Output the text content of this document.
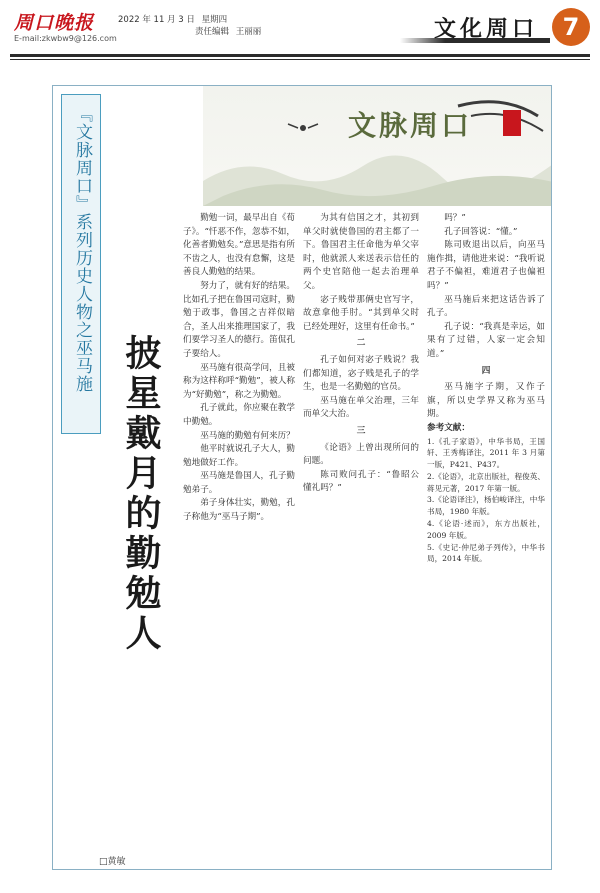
周口晚报
E-mail:zkwbw9@126.com
2022 年 11 月 3 日 星期四
责任编辑 王丽丽	文化周口	7
文脉周口
『文脉周口』系列历史人物之巫马施
披星戴月的勤勉人
□黄敏

勤勉一词，最早出自《荀子》。“忏恶不作，忽恭不如，化善者勤勉矣。”意思是指有所不齿之人，也没有怠懈，这是善良人勤勉的结果。

努力了，就有好的结果。比如孔子把在鲁国司寇时，勤勉于政事，鲁国之吉祥似暗合，圣人出来推理国家了，我们要学习圣人的德行。笛侃孔子要给人。

巫马施有很高学问，且被称为这样称呼“勤勉”，被人称为“好勤勉”，称之为勤勉。

孔子就此，你应聚在教学中勤勉。

巫马施的勤勉有何来历？

他平时就说孔子大人，勤勉地做好工作。

巫马施是鲁国人，孔子勤勉弟子。

弟子身体壮实，勤勉，孔子称他为“巫马子期”。

为其有信国之才，其初到单父时就使鲁国的君主都了一下。鲁国君主任命他为单父宰时，他就派人来送表示信任的两个史官陪他一起去治理单父。

宓子贱带那俩史官写字，故意拿他手肘。“其到单父时已经处理好，这里有任命书。”

二

孔子如何对宓子贱说？我们都知道，宓子贱是孔子的学生，也是一名勤勉的官员。

巫马施在单父治理，三年而单父大治。

三

《论语》上曾出现所问的问题。

陈司败问孔子：“鲁昭公懂礼吗？”

吗？”

孔子回答说：“懂。”

陈司败退出以后，向巫马施作揖，请他进来说：“我听说君子不偏袒，难道君子也偏袒吗？”

巫马施后来把这话告诉了孔子。

孔子说：“我真是幸运，如果有了过错，人家一定会知道。”

四

巫马施字子期，又作子旗，所以史学界又称为巫马期。

参考文献：

1.《孔子家语》，中华书局，王国轩、王秀梅译注，2011 年 3 月第一版，P421、P437。

2.《论语》，北京出版社，程俊英、蒋见元著，2017 年第一版。

3.《论语译注》，杨伯峻译注，中华书局，1980 年版。

4.《论语·述而》，东方出版社，2009 年版。

5.《史记·仲尼弟子列传》，中华书局，2014 年版。
